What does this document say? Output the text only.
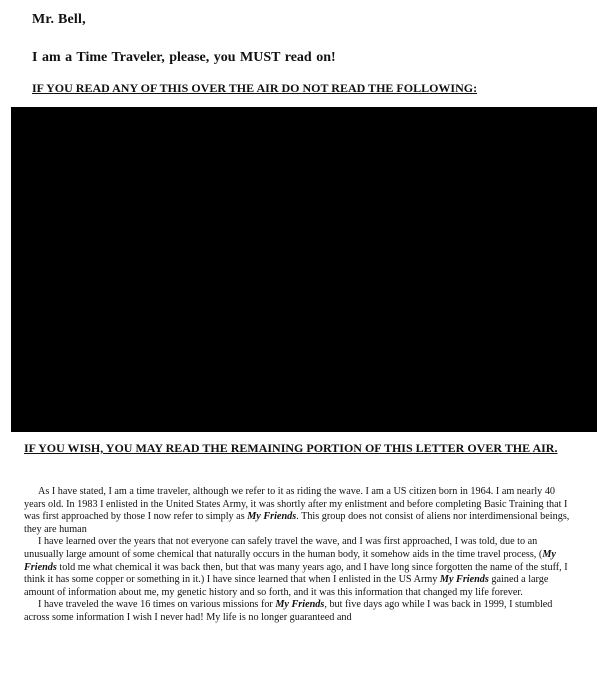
Mr. Bell,
I am a Time Traveler, please, you MUST read on!
IF YOU READ ANY OF THIS OVER THE AIR DO NOT READ THE FOLLOWING:
IF YOU WISH, YOU MAY READ THE REMAINING PORTION OF THIS LETTER OVER THE AIR.

As I have stated, I am a time traveler, although we refer to it as riding the wave. I am a US citizen born in 1964. I am nearly 40 years old. In 1983 I enlisted in the United States Army, it was shortly after my enlistment and before completing Basic Training that I was first approached by those I now refer to simply as My Friends. This group does not consist of aliens nor interdimensional beings, they are human

I have learned over the years that not everyone can safely travel the wave, and I was first approached, I was told, due to an unusually large amount of some chemical that naturally occurs in the human body, it somehow aids in the time travel process, (My Friends told me what chemical it was back then, but that was many years ago, and I have long since forgotten the name of the stuff, I think it has some copper or something in it.) I have since learned that when I enlisted in the US Army My Friends gained a large amount of information about me, my genetic history and so forth, and it was this information that changed my life forever.

I have traveled the wave 16 times on various missions for My Friends, but five days ago while I was back in 1999, I stumbled across some information I wish I never had! My life is no longer guaranteed and
